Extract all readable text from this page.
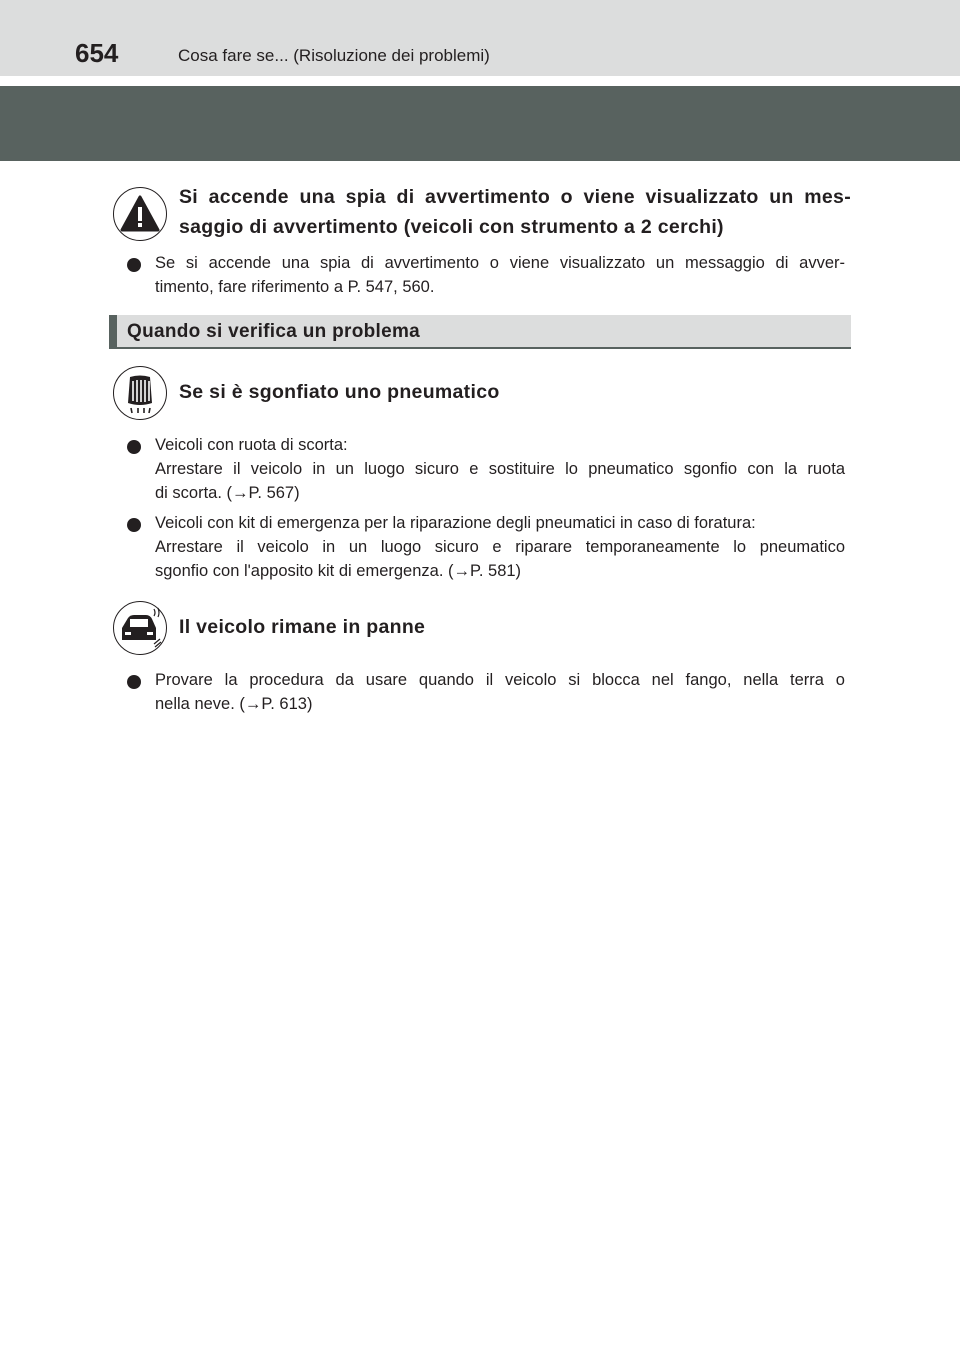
654	Cosa fare se... (Risoluzione dei problemi)
Si accende una spia di avvertimento o viene visualizzato un mes-
saggio di avvertimento (veicoli con strumento a 2 cerchi)
Se si accende una spia di avvertimento o viene visualizzato un messaggio di avver-
timento, fare riferimento a P. 547, 560.
Quando si verifica un problema
Se si è sgonfiato uno pneumatico
Veicoli con ruota di scorta:
Arrestare il veicolo in un luogo sicuro e sostituire lo pneumatico sgonfio con la ruota
di scorta. (→P. 567)
Veicoli con kit di emergenza per la riparazione degli pneumatici in caso di foratura:
Arrestare il veicolo in un luogo sicuro e riparare temporaneamente lo pneumatico
sgonfio con l'apposito kit di emergenza. (→P. 581)
Il veicolo rimane in panne
Provare la procedura da usare quando il veicolo si blocca nel fango, nella terra o
nella neve. (→P. 613)
